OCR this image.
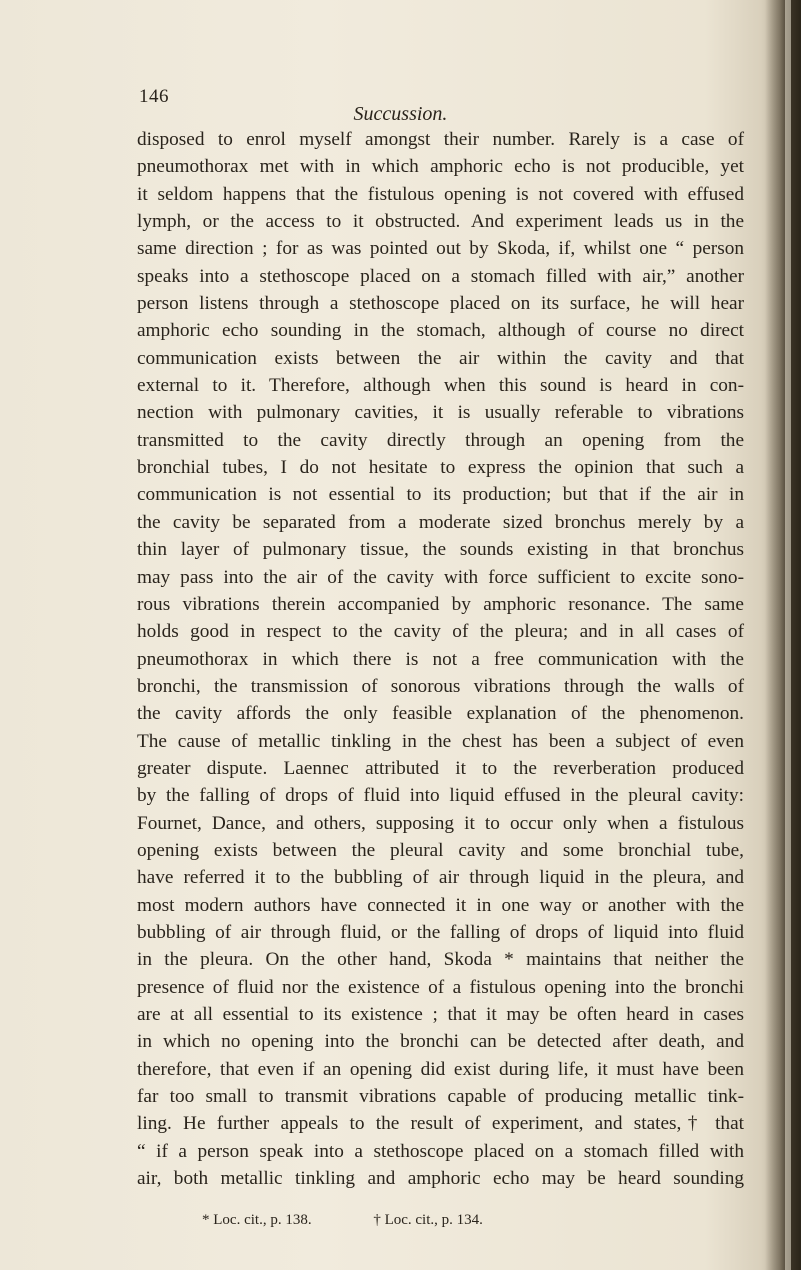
146
Succussion.
disposed to enrol myself amongst their number. Rarely is a case of
pneumothorax met with in which amphoric echo is not producible, yet
it seldom happens that the fistulous opening is not covered with effused
lymph, or the access to it obstructed. And experiment leads us in the
same direction ; for as was pointed out by Skoda, if, whilst one “ person
speaks into a stethoscope placed on a stomach filled with air,” another
person listens through a stethoscope placed on its surface, he will hear
amphoric echo sounding in the stomach, although of course no direct
communication exists between the air within the cavity and that
external to it. Therefore, although when this sound is heard in con-
nection with pulmonary cavities, it is usually referable to vibrations
transmitted to the cavity directly through an opening from the
bronchial tubes, I do not hesitate to express the opinion that such a
communication is not essential to its production; but that if the air in
the cavity be separated from a moderate sized bronchus merely by a
thin layer of pulmonary tissue, the sounds existing in that bronchus
may pass into the air of the cavity with force sufficient to excite sono-
rous vibrations therein accompanied by amphoric resonance. The same
holds good in respect to the cavity of the pleura; and in all cases of
pneumothorax in which there is not a free communication with the
bronchi, the transmission of sonorous vibrations through the walls of
the cavity affords the only feasible explanation of the phenomenon.
The cause of metallic tinkling in the chest has been a subject of even
greater dispute. Laennec attributed it to the reverberation produced
by the falling of drops of fluid into liquid effused in the pleural cavity:
Fournet, Dance, and others, supposing it to occur only when a fistulous
opening exists between the pleural cavity and some bronchial tube,
have referred it to the bubbling of air through liquid in the pleura, and
most modern authors have connected it in one way or another with the
bubbling of air through fluid, or the falling of drops of liquid into fluid
in the pleura. On the other hand, Skoda * maintains that neither the
presence of fluid nor the existence of a fistulous opening into the bronchi
are at all essential to its existence ; that it may be often heard in cases
in which no opening into the bronchi can be detected after death, and
therefore, that even if an opening did exist during life, it must have been
far too small to transmit vibrations capable of producing metallic tink-
ling. He further appeals to the result of experiment, and states,† that
“ if a person speak into a stethoscope placed on a stomach filled with
air, both metallic tinkling and amphoric echo may be heard sounding
* Loc. cit., p. 138.	† Loc. cit., p. 134.
